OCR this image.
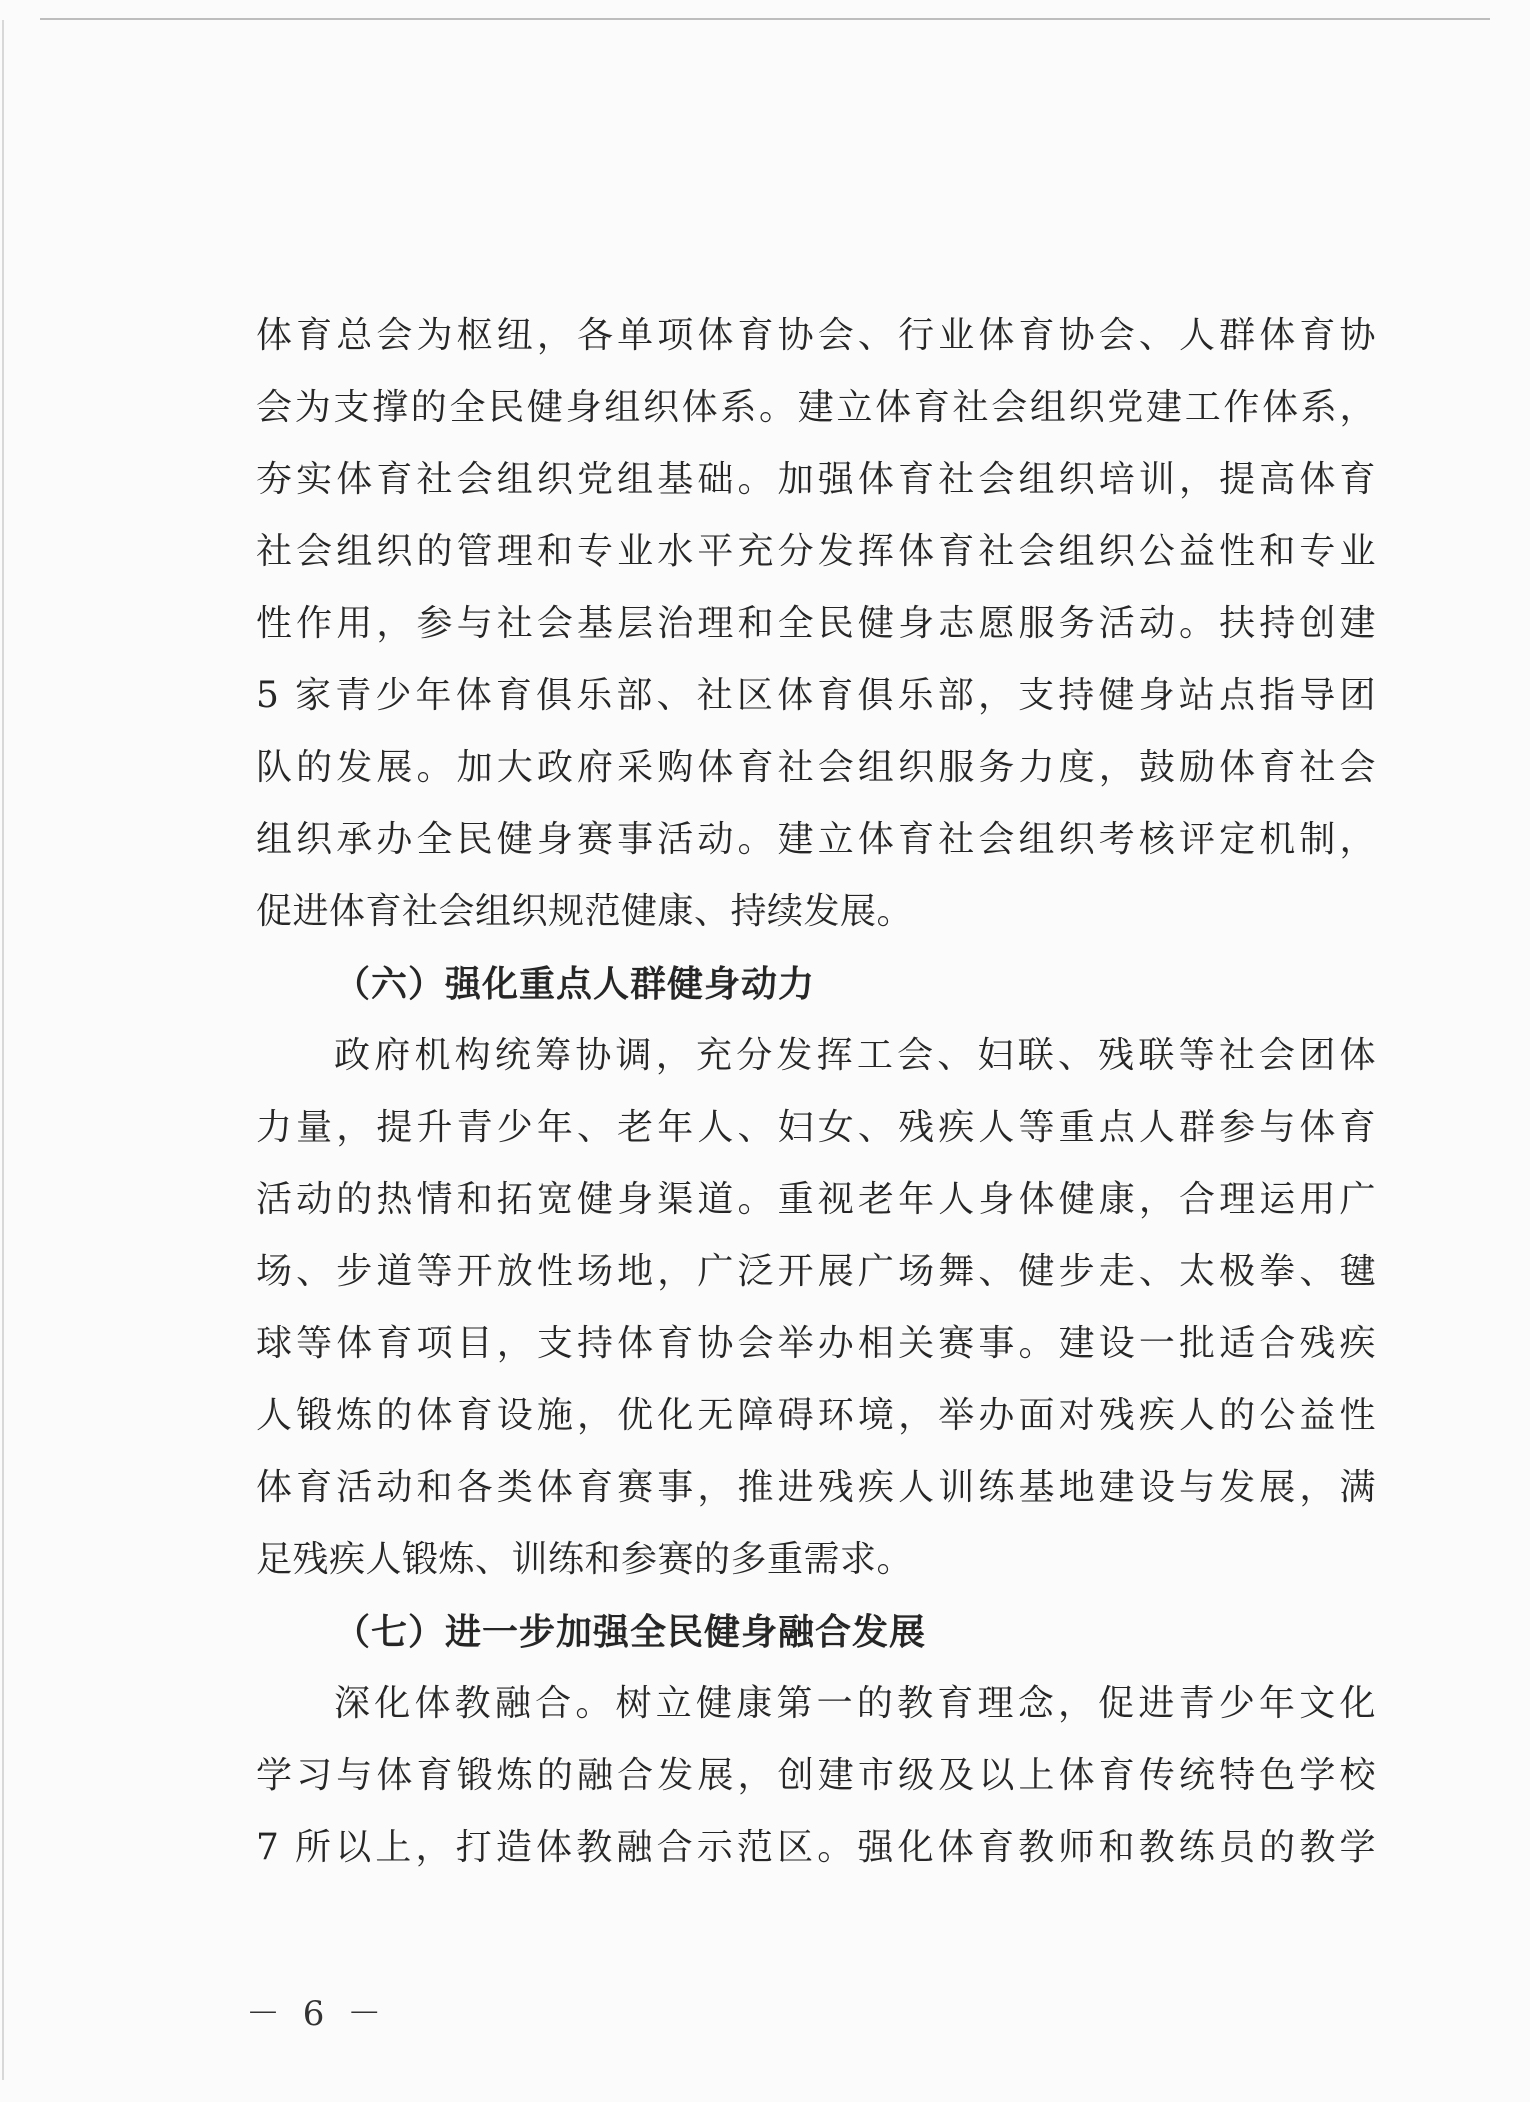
体育总会为枢纽，各单项体育协会、行业体育协会、人群体育协
会为支撑的全民健身组织体系。建立体育社会组织党建工作体系，
夯实体育社会组织党组基础。加强体育社会组织培训，提高体育
社会组织的管理和专业水平充分发挥体育社会组织公益性和专业
性作用，参与社会基层治理和全民健身志愿服务活动。扶持创建
5 家青少年体育俱乐部、社区体育俱乐部，支持健身站点指导团
队的发展。加大政府采购体育社会组织服务力度，鼓励体育社会
组织承办全民健身赛事活动。建立体育社会组织考核评定机制，
促进体育社会组织规范健康、持续发展。
（六）强化重点人群健身动力
政府机构统筹协调，充分发挥工会、妇联、残联等社会团体
力量，提升青少年、老年人、妇女、残疾人等重点人群参与体育
活动的热情和拓宽健身渠道。重视老年人身体健康，合理运用广
场、步道等开放性场地，广泛开展广场舞、健步走、太极拳、毽
球等体育项目，支持体育协会举办相关赛事。建设一批适合残疾
人锻炼的体育设施，优化无障碍环境，举办面对残疾人的公益性
体育活动和各类体育赛事，推进残疾人训练基地建设与发展，满
足残疾人锻炼、训练和参赛的多重需求。
（七）进一步加强全民健身融合发展
深化体教融合。树立健康第一的教育理念，促进青少年文化
学习与体育锻炼的融合发展，创建市级及以上体育传统特色学校
7 所以上，打造体教融合示范区。强化体育教师和教练员的教学
－ 6 －
